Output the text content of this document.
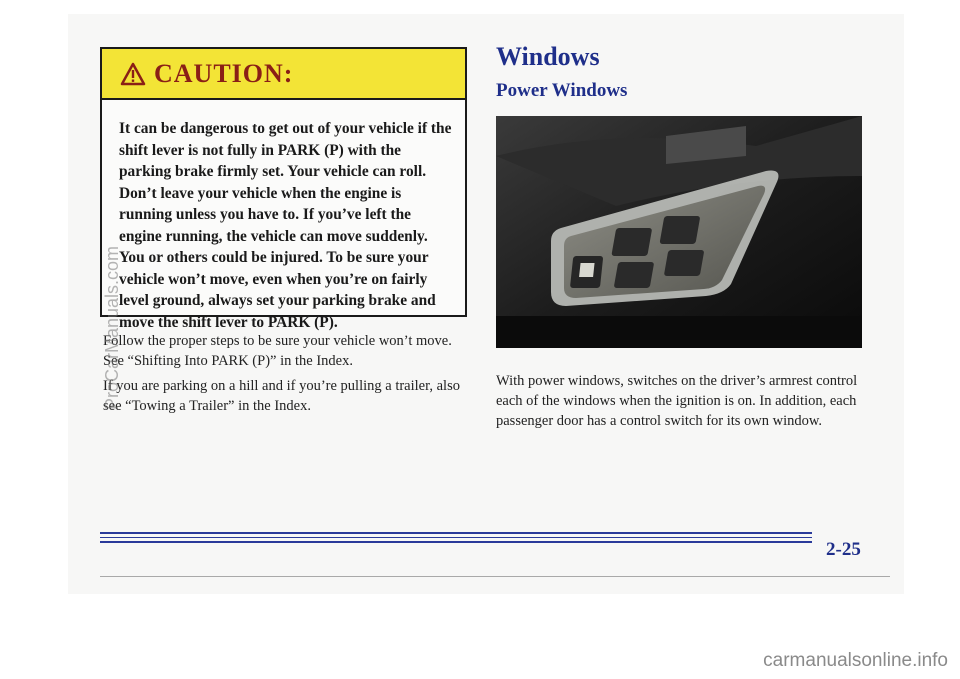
CAUTION:
It can be dangerous to get out of your vehicle if the shift lever is not fully in PARK (P) with the parking brake firmly set. Your vehicle can roll. Don’t leave your vehicle when the engine is running unless you have to. If you’ve left the engine running, the vehicle can move suddenly. You or others could be injured. To be sure your vehicle won’t move, even when you’re on fairly level ground, always set your parking brake and move the shift lever to PARK (P).
Follow the proper steps to be sure your vehicle won’t move. See “Shifting Into PARK (P)” in the Index.
If you are parking on a hill and if you’re pulling a trailer, also see “Towing a Trailer” in the Index.
Windows
Power Windows
With power windows, switches on the driver’s armrest control each of the windows when the ignition is on. In addition, each passenger door has a control switch for its own window.
2-25
ProCarManuals.com
carmanualsonline.info
